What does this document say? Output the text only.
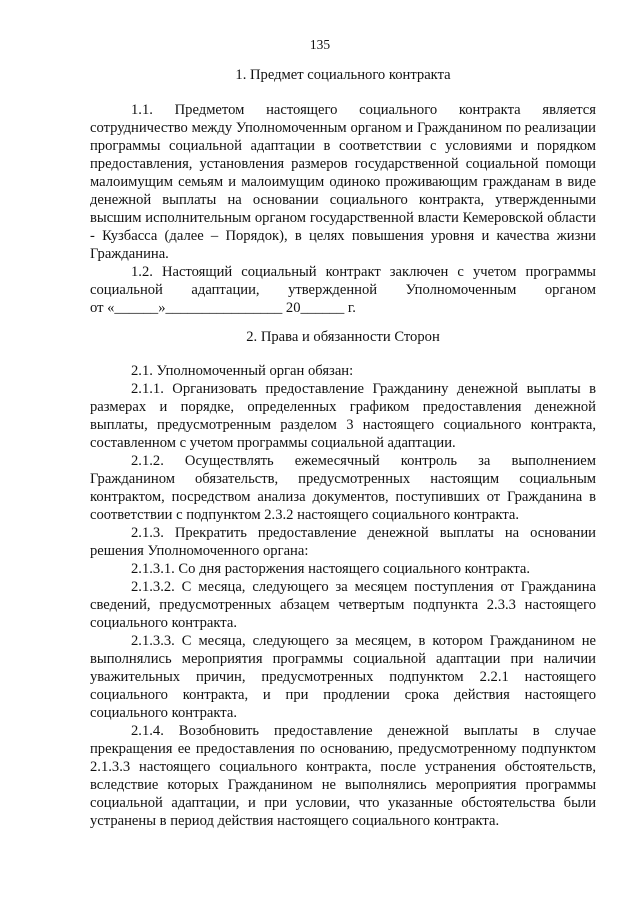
135
1. Предмет социального контракта

1.1. Предметом настоящего социального контракта является сотрудничество между Уполномоченным органом и Гражданином по реализации программы социальной адаптации в соответствии с условиями и порядком предоставления, установления размеров государственной социальной помощи малоимущим семьям и малоимущим одиноко проживающим гражданам в виде денежной выплаты на основании социального контракта, утвержденными высшим исполнительным органом государственной власти Кемеровской области - Кузбасса (далее – Порядок), в целях повышения уровня и качества жизни Гражданина.

1.2. Настоящий социальный контракт заключен с учетом программы социальной адаптации, утвержденной Уполномоченным органом

от «______»________________ 20______ г.

2. Права и обязанности Сторон

2.1. Уполномоченный орган обязан:

2.1.1. Организовать предоставление Гражданину денежной выплаты в размерах и порядке, определенных графиком предоставления денежной выплаты, предусмотренным разделом 3 настоящего социального контракта, составленном с учетом программы социальной адаптации.

2.1.2. Осуществлять ежемесячный контроль за выполнением Гражданином обязательств, предусмотренных настоящим социальным контрактом, посредством анализа документов, поступивших от Гражданина в соответствии с подпунктом 2.3.2 настоящего социального контракта.

2.1.3. Прекратить предоставление денежной выплаты на основании решения Уполномоченного органа:

2.1.3.1. Со дня расторжения настоящего социального контракта.

2.1.3.2. С месяца, следующего за месяцем поступления от Гражданина сведений, предусмотренных абзацем четвертым подпункта 2.3.3 настоящего социального контракта.

2.1.3.3. С месяца, следующего за месяцем, в котором Гражданином не выполнялись мероприятия программы социальной адаптации при наличии уважительных причин, предусмотренных подпунктом 2.2.1 настоящего социального контракта, и при продлении срока действия настоящего социального контракта.

2.1.4. Возобновить предоставление денежной выплаты в случае прекращения ее предоставления по основанию, предусмотренному подпунктом 2.1.3.3 настоящего социального контракта, после устранения обстоятельств, вследствие которых Гражданином не выполнялись мероприятия программы социальной адаптации, и при условии, что указанные обстоятельства были устранены в период действия настоящего социального контракта.
